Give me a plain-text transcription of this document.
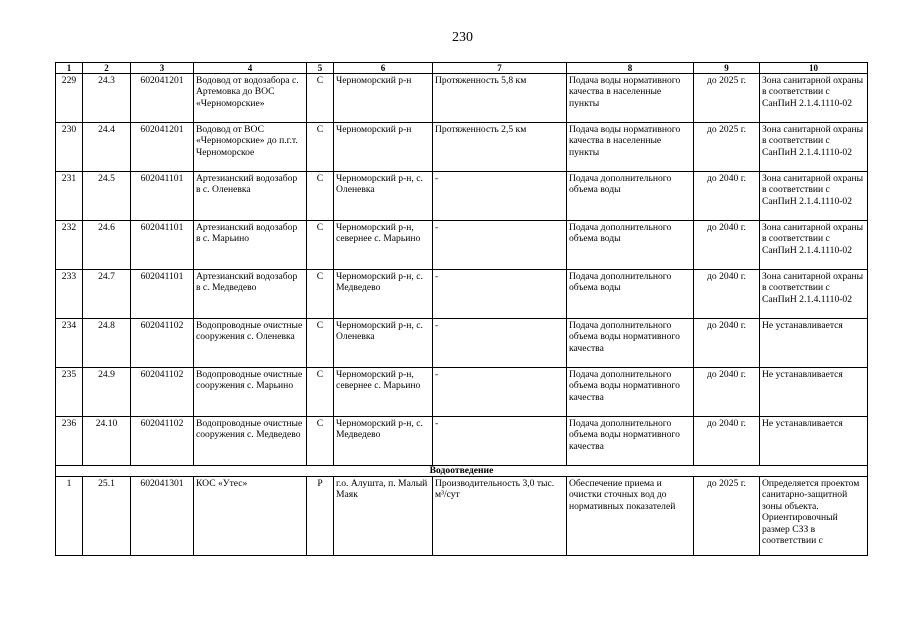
230
1	2	3	4	5	6	7	8	9	10
229	24.3	602041201	Водовод от водозабора с. Артемовка до ВОС «Черноморские»	С	Черноморский р-н	Протяженность 5,8 км	Подача воды нормативного качества в населенные пункты	до 2025 г.	Зона санитарной охраны в соответствии с СанПиН 2.1.4.1110-02
230	24.4	602041201	Водовод от ВОС «Черноморские» до п.г.т. Черноморское	С	Черноморский р-н	Протяженность 2,5 км	Подача воды нормативного качества в населенные пункты	до 2025 г.	Зона санитарной охраны в соответствии с СанПиН 2.1.4.1110-02
231	24.5	602041101	Артезианский водозабор в с. Оленевка	С	Черноморский р-н, с. Оленевка	-	Подача дополнительного объема воды	до 2040 г.	Зона санитарной охраны в соответствии с СанПиН 2.1.4.1110-02
232	24.6	602041101	Артезианский водозабор в с. Марьино	С	Черноморский р-н, севернее с. Марьино	-	Подача дополнительного объема воды	до 2040 г.	Зона санитарной охраны в соответствии с СанПиН 2.1.4.1110-02
233	24.7	602041101	Артезианский водозабор в с. Медведево	С	Черноморский р-н, с. Медведево	-	Подача дополнительного объема воды	до 2040 г.	Зона санитарной охраны в соответствии с СанПиН 2.1.4.1110-02
234	24.8	602041102	Водопроводные очистные сооружения с. Оленевка	С	Черноморский р-н, с. Оленевка	-	Подача дополнительного объема воды нормативного качества	до 2040 г.	Не устанавливается
235	24.9	602041102	Водопроводные очистные сооружения с. Марьино	С	Черноморский р-н, севернее с. Марьино	-	Подача дополнительного объема воды нормативного качества	до 2040 г.	Не устанавливается
236	24.10	602041102	Водопроводные очистные сооружения с. Медведево	С	Черноморский р-н, с. Медведево	-	Подача дополнительного объема воды нормативного качества	до 2040 г.	Не устанавливается
Водоотведение									
1	25.1	602041301	КОС «Утес»	Р	г.о. Алушта, п. Малый Маяк	Производительность 3,0 тыс. м³/сут	Обеспечение приема и очистки сточных вод до нормативных показателей	до 2025 г.	Определяется проектом санитарно-защитной зоны объекта. Ориентировочный размер СЗЗ в соответствии с
